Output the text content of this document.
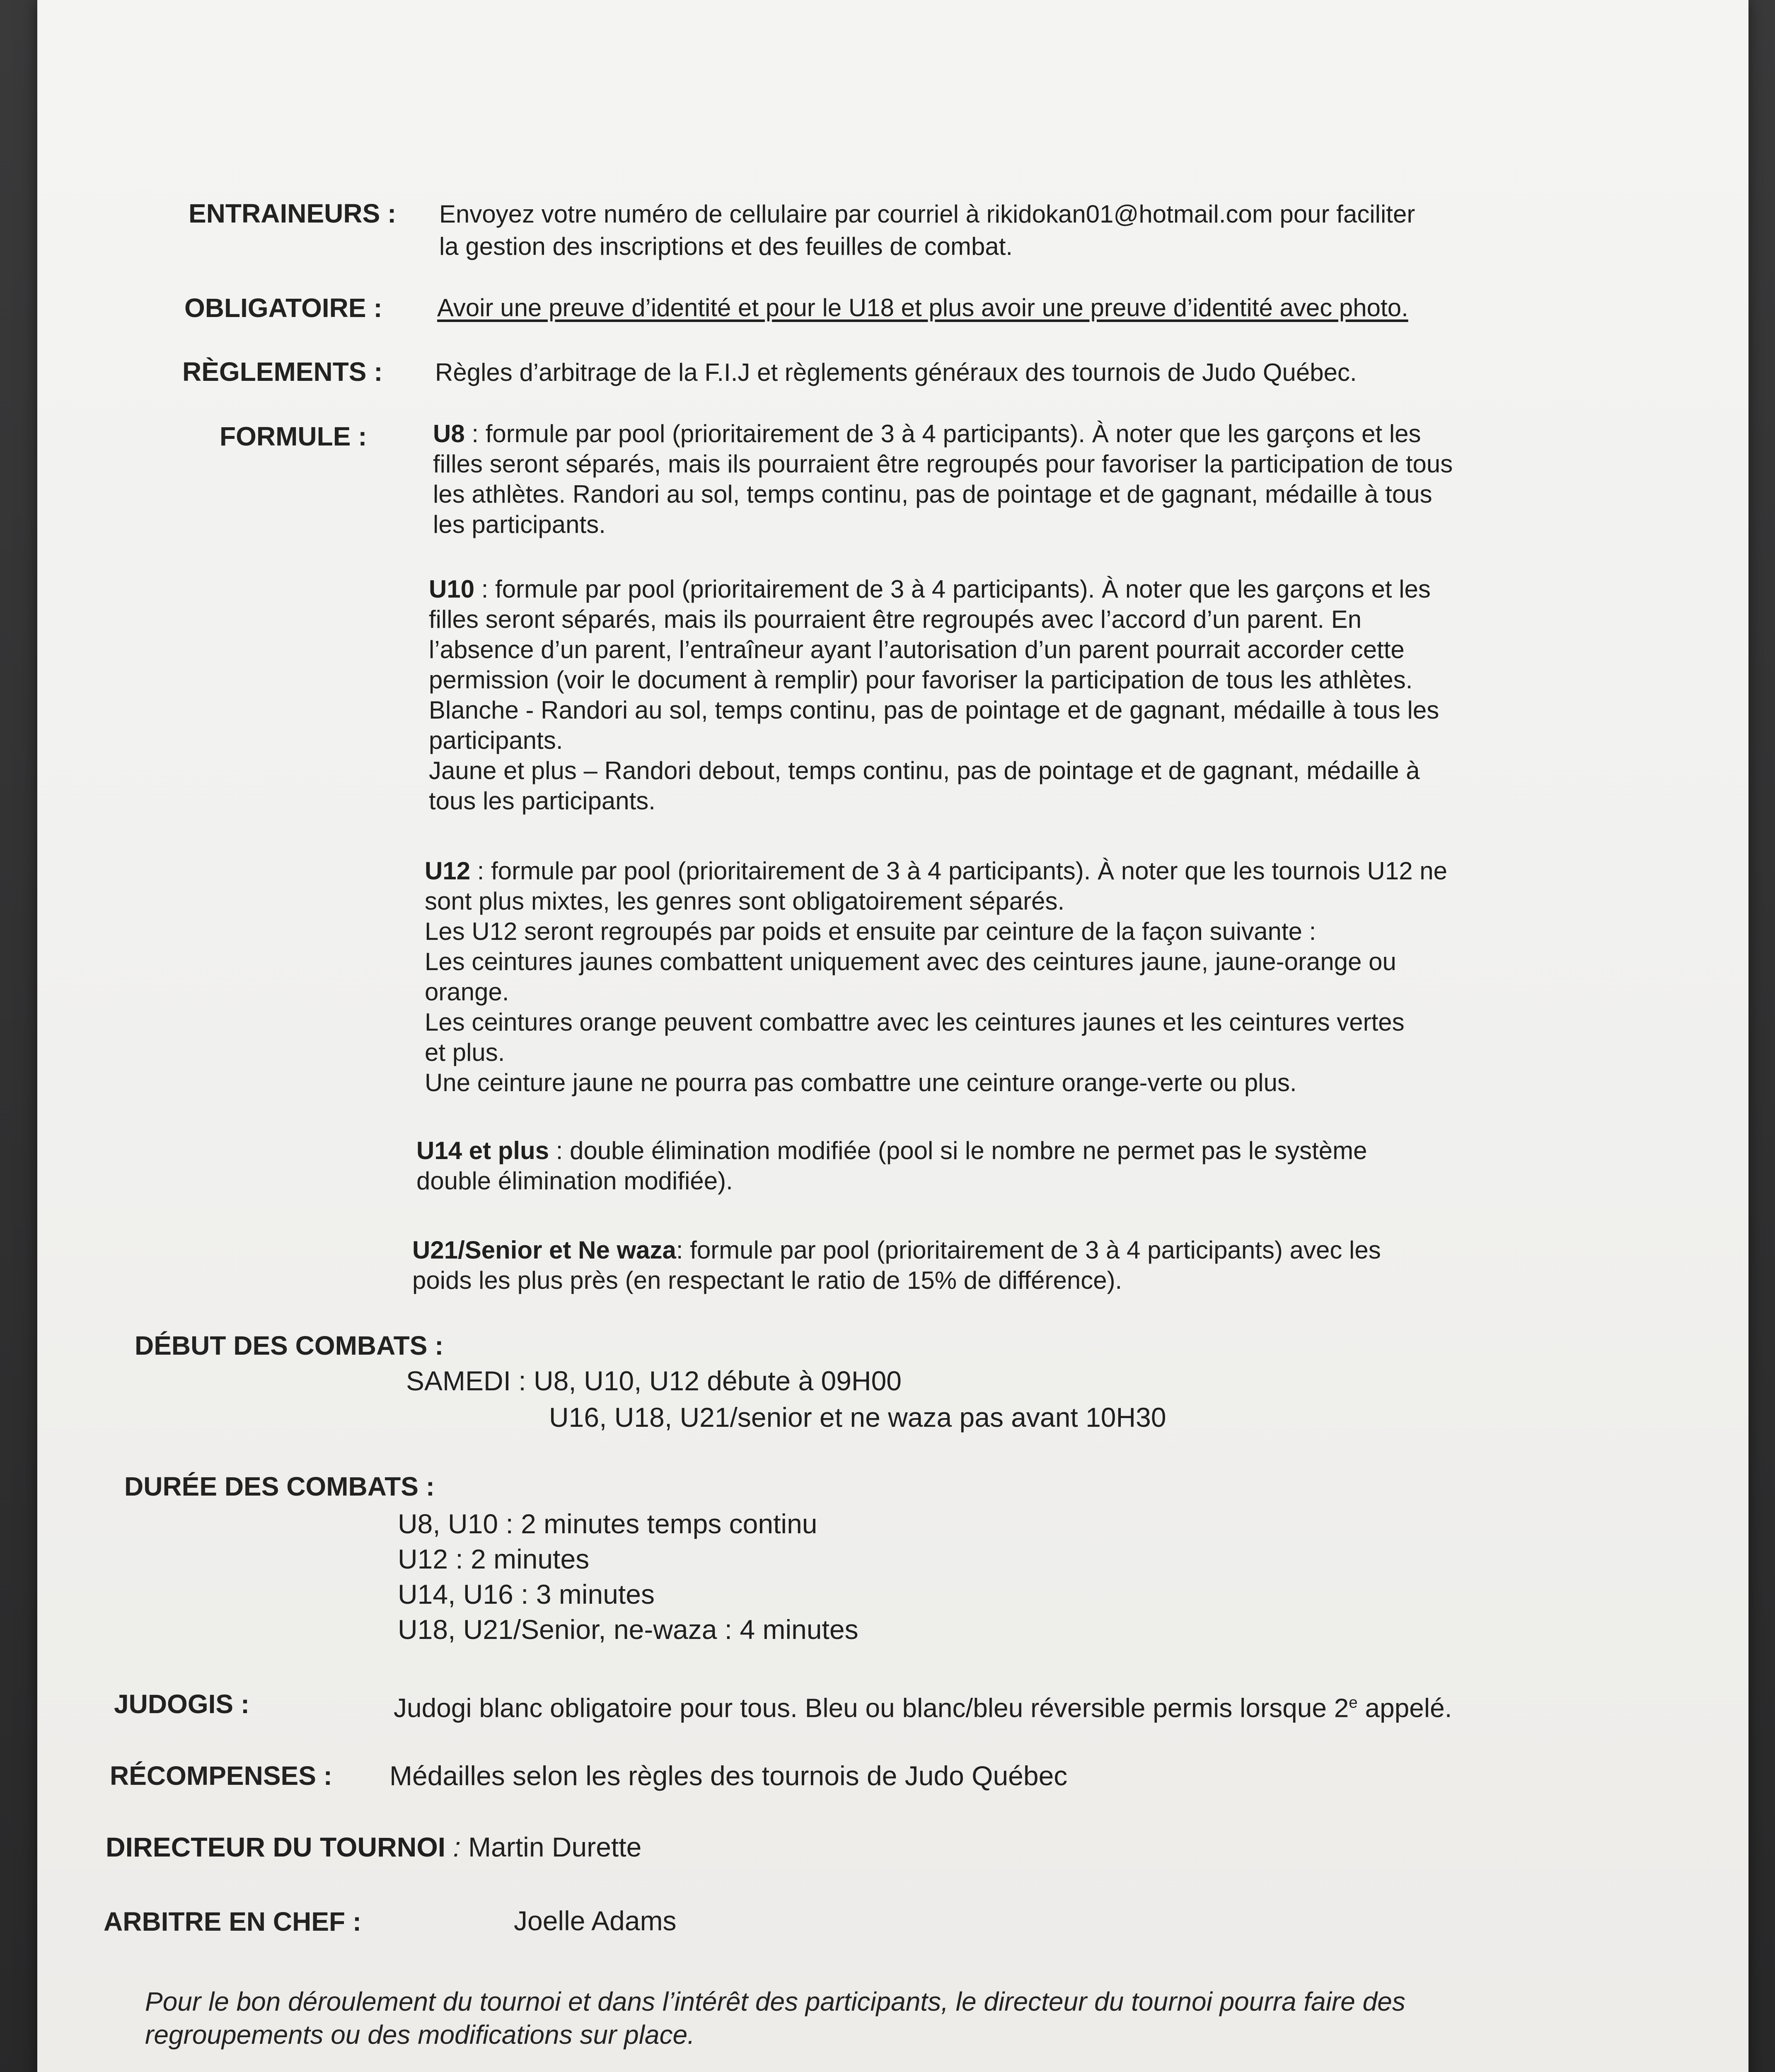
ENTRAINEURS : Envoyez votre numéro de cellulaire par courriel à rikidokan01@hotmail.com pour faciliter
la gestion des inscriptions et des feuilles de combat.
OBLIGATOIRE : Avoir une preuve d’identité et pour le U18 et plus avoir une preuve d’identité avec photo.
RÈGLEMENTS : Règles d’arbitrage de la F.I.J et règlements généraux des tournois de Judo Québec.
FORMULE :	U8 : formule par pool (prioritairement de 3 à 4 participants). À noter que les garçons et les

filles seront séparés, mais ils pourraient être regroupés pour favoriser la participation de tous

les athlètes. Randori au sol, temps continu, pas de pointage et de gagnant, médaille à tous

les participants.

U10 : formule par pool (prioritairement de 3 à 4 participants). À noter que les garçons et les

filles seront séparés, mais ils pourraient être regroupés avec l’accord d’un parent. En

l’absence d’un parent, l’entraîneur ayant l’autorisation d’un parent pourrait accorder cette

permission (voir le document à remplir) pour favoriser la participation de tous les athlètes.

Blanche - Randori au sol, temps continu, pas de pointage et de gagnant, médaille à tous les

participants.

Jaune et plus – Randori debout, temps continu, pas de pointage et de gagnant, médaille à

tous les participants.

U12 : formule par pool (prioritairement de 3 à 4 participants). À noter que les tournois U12 ne

sont plus mixtes, les genres sont obligatoirement séparés.

Les U12 seront regroupés par poids et ensuite par ceinture de la façon suivante :

Les ceintures jaunes combattent uniquement avec des ceintures jaune, jaune-orange ou

orange.

Les ceintures orange peuvent combattre avec les ceintures jaunes et les ceintures vertes

et plus.

Une ceinture jaune ne pourra pas combattre une ceinture orange-verte ou plus.

U14 et plus : double élimination modifiée (pool si le nombre ne permet pas le système

double élimination modifiée).

U21/Senior et Ne waza: formule par pool (prioritairement de 3 à 4 participants) avec les

poids les plus près (en respectant le ratio de 15% de différence).

DÉBUT DES COMBATS :
SAMEDI : U8, U10, U12 débute à 09H00
U16, U18, U21/senior et ne waza pas avant 10H30
DURÉE DES COMBATS :

U8, U10 : 2 minutes temps continu

U12 : 2 minutes

U14, U16 : 3 minutes

U18, U21/Senior, ne-waza : 4 minutes

JUDOGIS :	Judogi blanc obligatoire pour tous. Bleu ou blanc/bleu réversible permis lorsque 2e appelé.
RÉCOMPENSES : Médailles selon les règles des tournois de Judo Québec
DIRECTEUR DU TOURNOI : Martin Durette
ARBITRE EN CHEF :	Joelle Adams

Pour le bon déroulement du tournoi et dans l’intérêt des participants, le directeur du tournoi pourra faire des

regroupements ou des modifications sur place.
